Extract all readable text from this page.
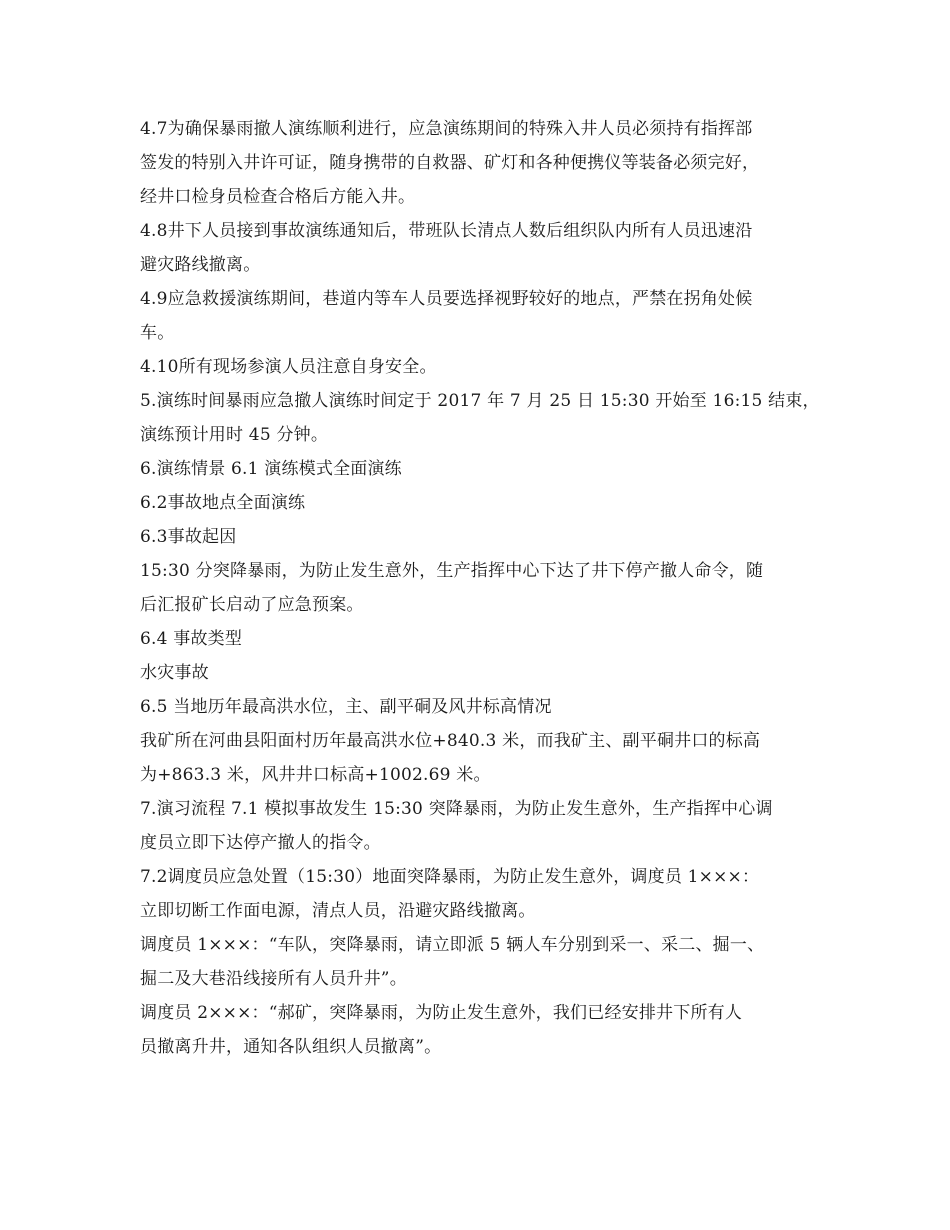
4.7为确保暴雨撤人演练顺利进行，应急演练期间的特殊入井人员必须持有指挥部
签发的特别入井许可证，随身携带的自救器、矿灯和各种便携仪等装备必须完好，
经井口检身员检查合格后方能入井。

4.8井下人员接到事故演练通知后，带班队长清点人数后组织队内所有人员迅速沿
避灾路线撤离。

4.9应急救援演练期间，巷道内等车人员要选择视野较好的地点，严禁在拐角处候
车。

4.10所有现场参演人员注意自身安全。

5.演练时间暴雨应急撤人演练时间定于 2017 年 7 月 25 日 15:30 开始至 16:15 结束，
演练预计用时 45 分钟。

6.演练情景 6.1 演练模式全面演练

6.2事故地点全面演练

6.3事故起因

15:30 分突降暴雨，为防止发生意外，生产指挥中心下达了井下停产撤人命令，随
后汇报矿长启动了应急预案。

6.4 事故类型

水灾事故

6.5 当地历年最高洪水位，主、副平硐及风井标高情况

我矿所在河曲县阳面村历年最高洪水位+840.3 米，而我矿主、副平硐井口的标高
为+863.3 米，风井井口标高+1002.69 米。

7.演习流程 7.1 模拟事故发生 15:30 突降暴雨，为防止发生意外，生产指挥中心调
度员立即下达停产撤人的指令。

7.2调度员应急处置（15:30）地面突降暴雨，为防止发生意外，调度员 1×××：
立即切断工作面电源，清点人员，沿避灾路线撤离。

调度员 1×××：“车队，突降暴雨，请立即派 5 辆人车分别到采一、采二、掘一、
掘二及大巷沿线接所有人员升井”。

调度员 2×××：“郝矿，突降暴雨，为防止发生意外，我们已经安排井下所有人
员撤离升井，通知各队组织人员撤离”。
